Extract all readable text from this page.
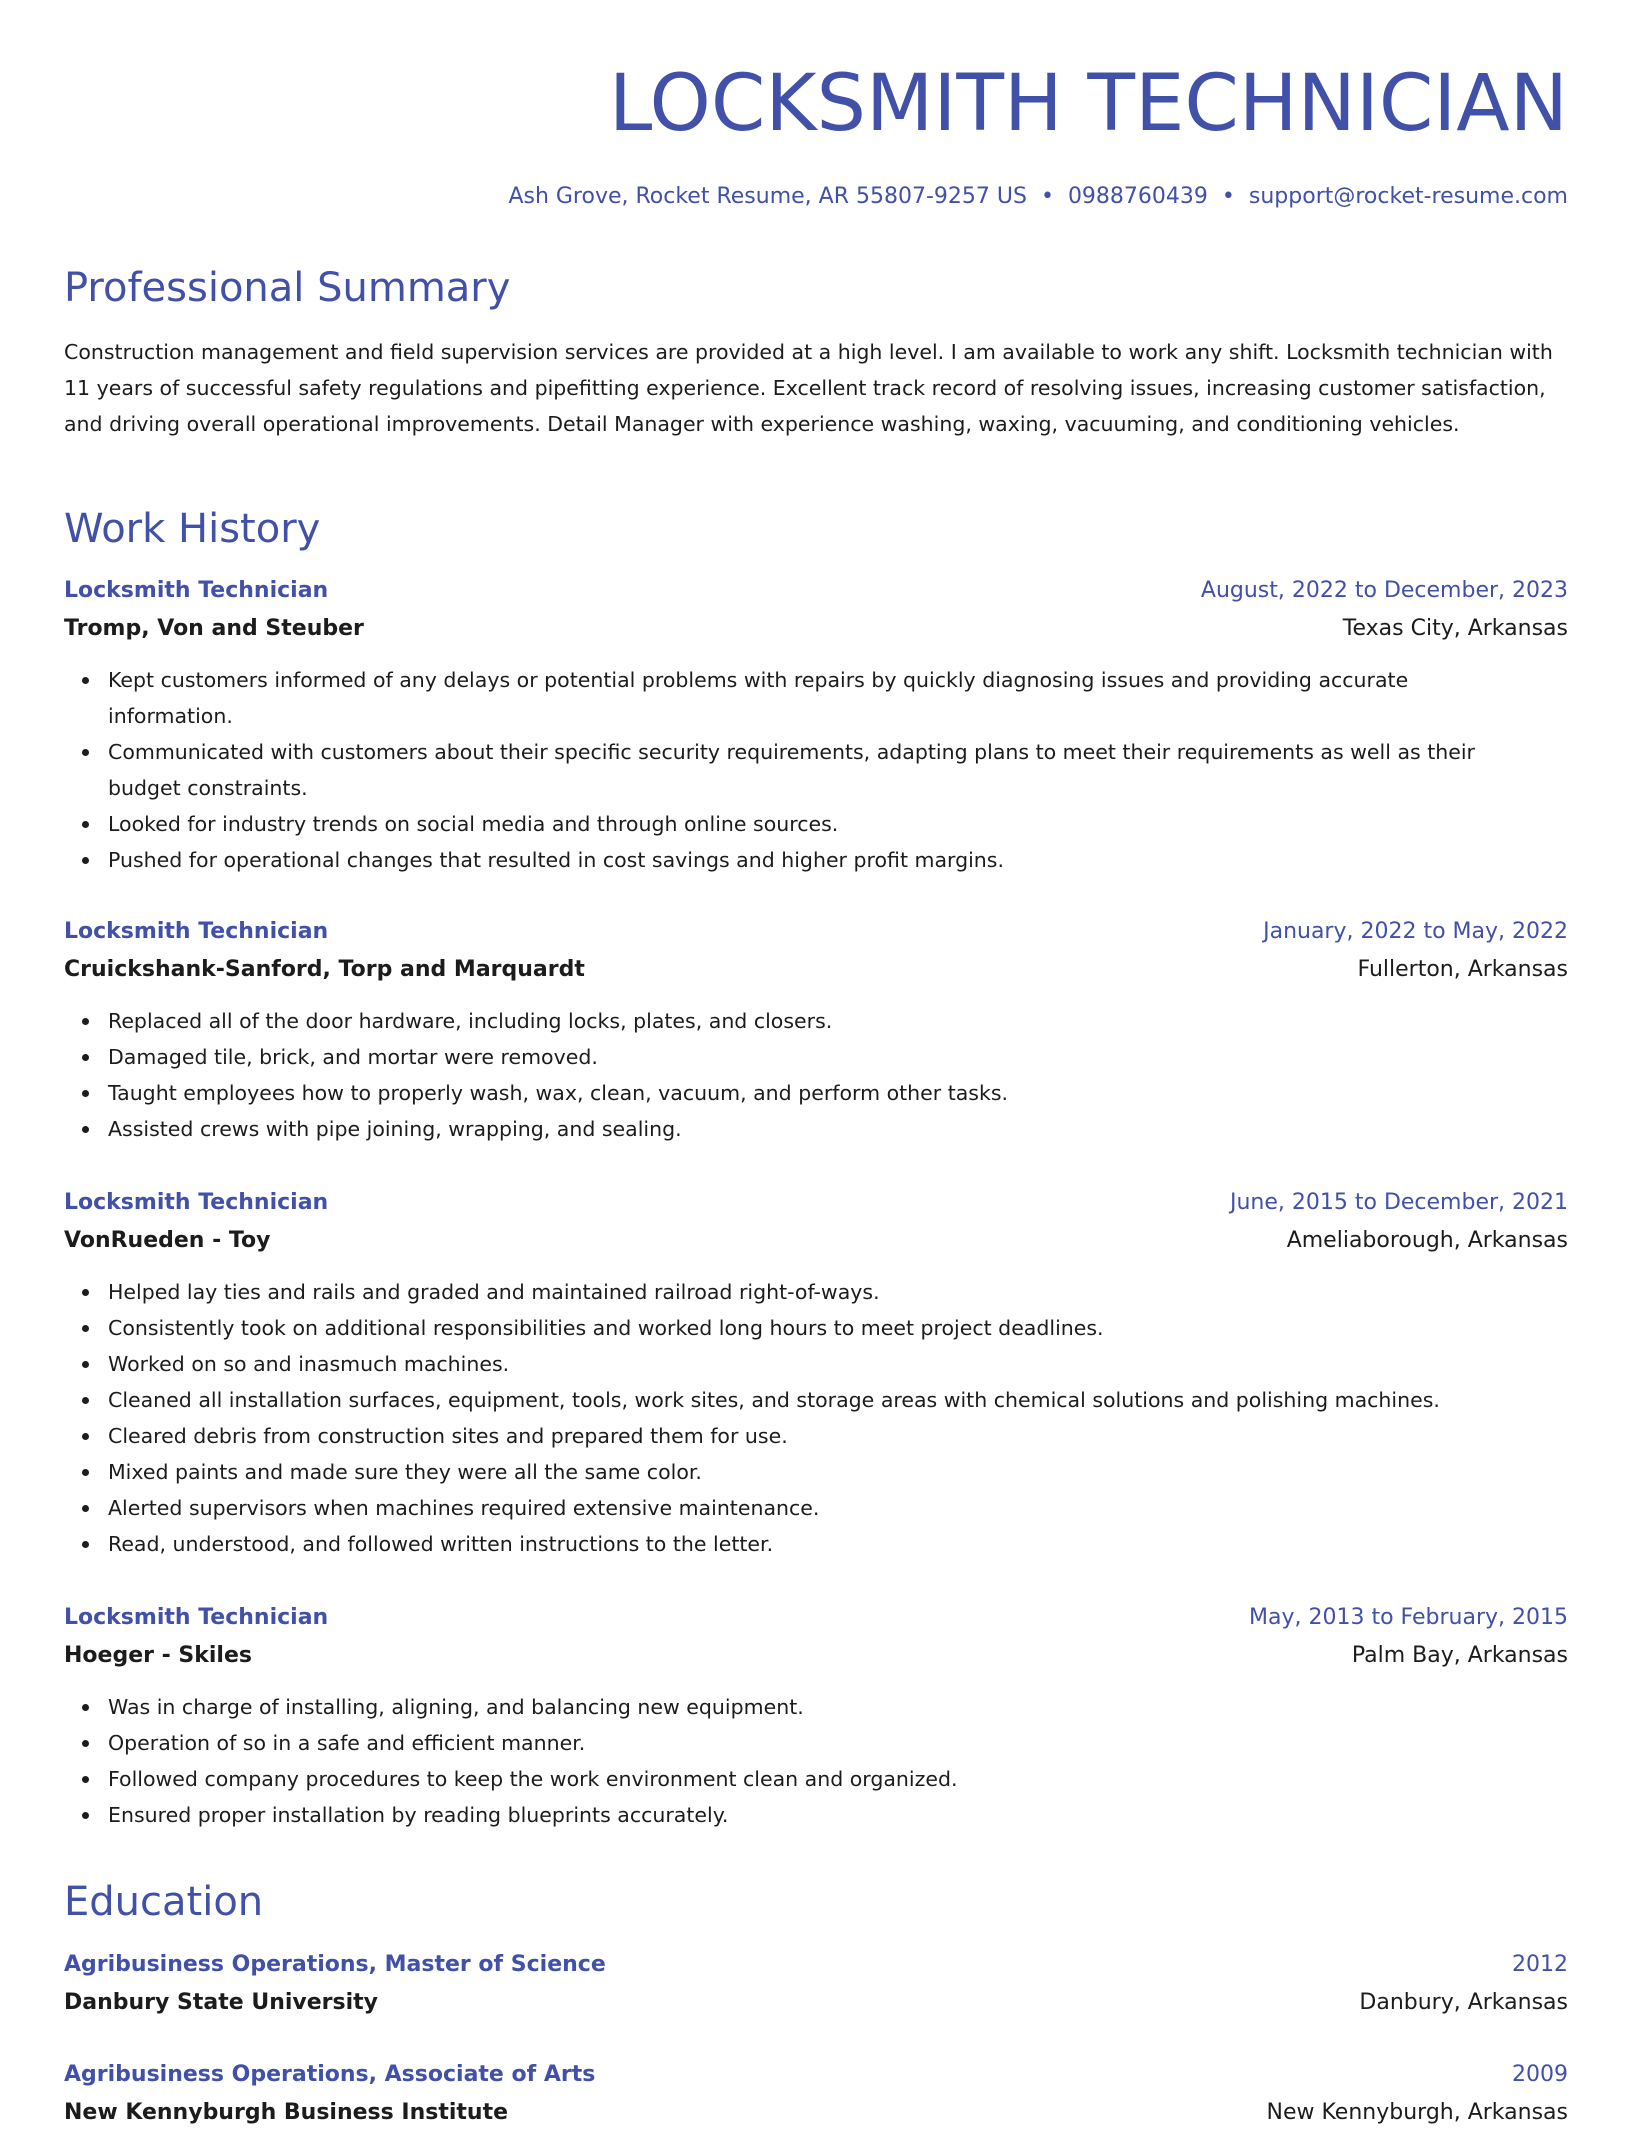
LOCKSMITH TECHNICIAN
Ash Grove, Rocket Resume, AR 55807-9257 US • 0988760439 • support@rocket-resume.com
Professional Summary

Construction management and field supervision services are provided at a high level. I am available to work any shift. Locksmith technician with 11 years of successful safety regulations and pipefitting experience. Excellent track record of resolving issues, increasing customer satisfaction, and driving overall operational improvements. Detail Manager with experience washing, waxing, vacuuming, and conditioning vehicles.

Work History
Locksmith Technician	August, 2022 to December, 2023
Tromp, Von and Steuber	Texas City, Arkansas
Kept customers informed of any delays or potential problems with repairs by quickly diagnosing issues and providing accurate information.
Communicated with customers about their specific security requirements, adapting plans to meet their requirements as well as their budget constraints.
Looked for industry trends on social media and through online sources.
Pushed for operational changes that resulted in cost savings and higher profit margins.
Locksmith Technician	January, 2022 to May, 2022
Cruickshank-Sanford, Torp and Marquardt	Fullerton, Arkansas
Replaced all of the door hardware, including locks, plates, and closers.
Damaged tile, brick, and mortar were removed.
Taught employees how to properly wash, wax, clean, vacuum, and perform other tasks.
Assisted crews with pipe joining, wrapping, and sealing.
Locksmith Technician	June, 2015 to December, 2021
VonRueden - Toy	Ameliaborough, Arkansas
Helped lay ties and rails and graded and maintained railroad right-of-ways.
Consistently took on additional responsibilities and worked long hours to meet project deadlines.
Worked on so and inasmuch machines.
Cleaned all installation surfaces, equipment, tools, work sites, and storage areas with chemical solutions and polishing machines.
Cleared debris from construction sites and prepared them for use.
Mixed paints and made sure they were all the same color.
Alerted supervisors when machines required extensive maintenance.
Read, understood, and followed written instructions to the letter.
Locksmith Technician	May, 2013 to February, 2015
Hoeger - Skiles	Palm Bay, Arkansas
Was in charge of installing, aligning, and balancing new equipment.
Operation of so in a safe and efficient manner.
Followed company procedures to keep the work environment clean and organized.
Ensured proper installation by reading blueprints accurately.
Education
Agribusiness Operations, Master of Science	2012
Danbury State University	Danbury, Arkansas
Agribusiness Operations, Associate of Arts	2009
New Kennyburgh Business Institute	New Kennyburgh, Arkansas
